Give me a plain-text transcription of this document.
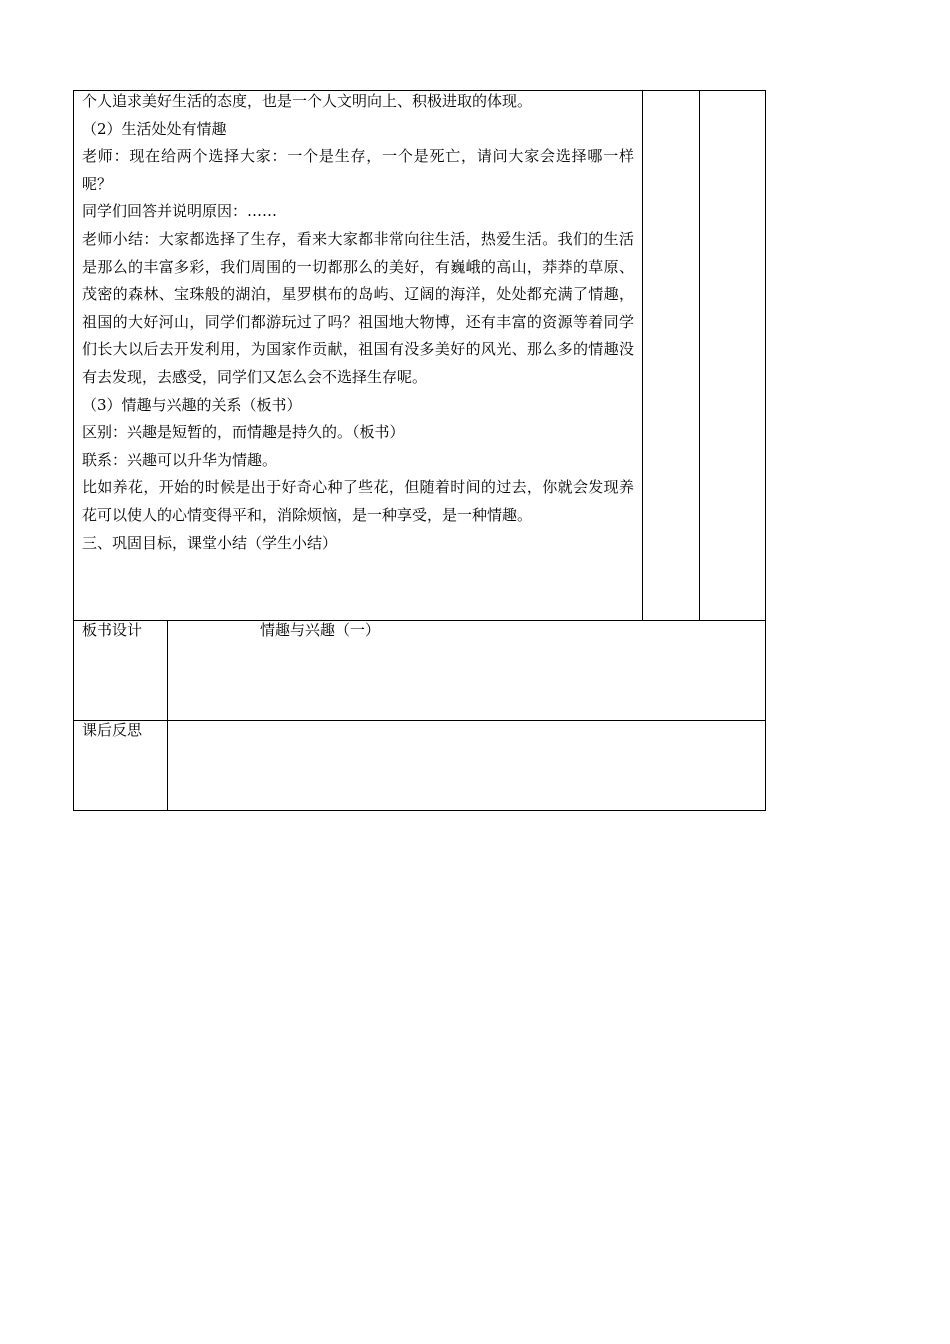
个人追求美好生活的态度，也是一个人文明向上、积极进取的体现。

（2）生活处处有情趣

老师：现在给两个选择大家：一个是生存，一个是死亡，请问大家会选择哪一样呢？

同学们回答并说明原因：……

老师小结：大家都选择了生存，看来大家都非常向往生活，热爱生活。我们的生活是那么的丰富多彩，我们周围的一切都那么的美好，有巍峨的高山，莽莽的草原、茂密的森林、宝珠般的湖泊，星罗棋布的岛屿、辽阔的海洋，处处都充满了情趣，祖国的大好河山，同学们都游玩过了吗？祖国地大物博，还有丰富的资源等着同学们长大以后去开发利用，为国家作贡献，祖国有没多美好的风光、那么多的情趣没有去发现，去感受，同学们又怎么会不选择生存呢。

（3）情趣与兴趣的关系（板书）

区别：兴趣是短暂的，而情趣是持久的。（板书）

联系：兴趣可以升华为情趣。

比如养花，开始的时候是出于好奇心种了些花，但随着时间的过去，你就会发现养花可以使人的心情变得平和，消除烦恼，是一种享受，是一种情趣。

三、巩固目标，课堂小结（学生小结）

板书设计	情趣与兴趣（一）
课后反思
